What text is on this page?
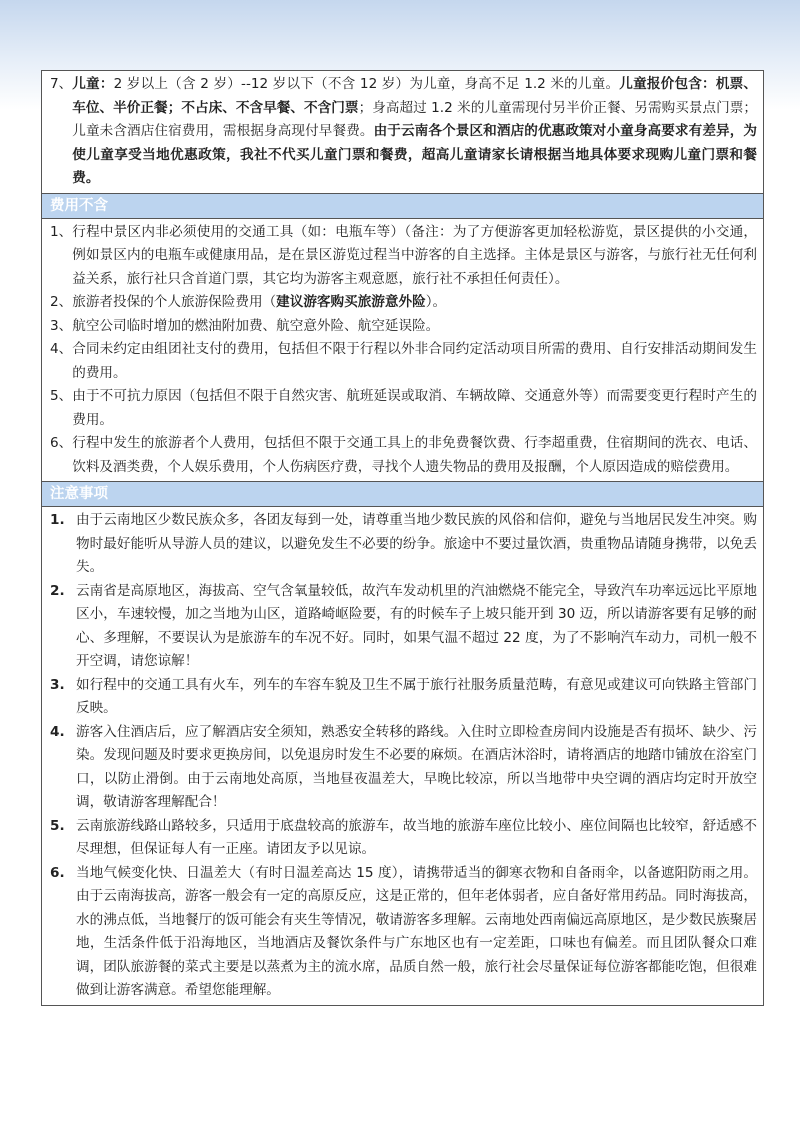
7、 儿童：2 岁以上（含 2 岁）--12 岁以下（不含 12 岁）为儿童，身高不足 1.2 米的儿童。儿童报价包含：机票、车位、半价正餐；不占床、不含早餐、不含门票；身高超过 1.2 米的儿童需现付另半价正餐、另需购买景点门票；儿童未含酒店住宿费用，需根据身高现付早餐费。由于云南各个景区和酒店的优惠政策对小童身高要求有差异，为使儿童享受当地优惠政策，我社不代买儿童门票和餐费，超高儿童请家长请根据当地具体要求现购儿童门票和餐费。
费用不含
1、 行程中景区内非必须使用的交通工具（如：电瓶车等）（备注：为了方便游客更加轻松游览，景区提供的小交通，例如景区内的电瓶车或健康用品，是在景区游览过程当中游客的自主选择。主体是景区与游客，与旅行社无任何利益关系，旅行社只含首道门票，其它均为游客主观意愿，旅行社不承担任何责任）。
2、 旅游者投保的个人旅游保险费用（建议游客购买旅游意外险）。
3、 航空公司临时增加的燃油附加费、航空意外险、航空延误险。
4、 合同未约定由组团社支付的费用，包括但不限于行程以外非合同约定活动项目所需的费用、自行安排活动期间发生的费用。
5、 由于不可抗力原因（包括但不限于自然灾害、航班延误或取消、车辆故障、交通意外等）而需要变更行程时产生的费用。
6、 行程中发生的旅游者个人费用，包括但不限于交通工具上的非免费餐饮费、行李超重费，住宿期间的洗衣、电话、饮料及酒类费，个人娱乐费用，个人伤病医疗费，寻找个人遗失物品的费用及报酬，个人原因造成的赔偿费用。
注意事项
1. 由于云南地区少数民族众多，各团友每到一处，请尊重当地少数民族的风俗和信仰，避免与当地居民发生冲突。购物时最好能听从导游人员的建议，以避免发生不必要的纷争。旅途中不要过量饮酒，贵重物品请随身携带，以免丢失。
2. 云南省是高原地区，海拔高、空气含氧量较低，故汽车发动机里的汽油燃烧不能完全，导致汽车功率远远比平原地区小，车速较慢，加之当地为山区，道路崎岖险要，有的时候车子上坡只能开到 30 迈，所以请游客要有足够的耐心、多理解，不要误认为是旅游车的车况不好。同时，如果气温不超过 22 度，为了不影响汽车动力，司机一般不开空调，请您谅解！
3. 如行程中的交通工具有火车，列车的车容车貌及卫生不属于旅行社服务质量范畴，有意见或建议可向铁路主管部门反映。
4. 游客入住酒店后，应了解酒店安全须知，熟悉安全转移的路线。入住时立即检查房间内设施是否有损坏、缺少、污染。发现问题及时要求更换房间，以免退房时发生不必要的麻烦。在酒店沐浴时，请将酒店的地踏巾铺放在浴室门口，以防止滑倒。由于云南地处高原，当地昼夜温差大，早晚比较凉，所以当地带中央空调的酒店均定时开放空调，敬请游客理解配合！
5. 云南旅游线路山路较多，只适用于底盘较高的旅游车，故当地的旅游车座位比较小、座位间隔也比较窄，舒适感不尽理想，但保证每人有一正座。请团友予以见谅。
6. 当地气候变化快、日温差大（有时日温差高达 15 度），请携带适当的御寒衣物和自备雨伞，以备遮阳防雨之用。由于云南海拔高，游客一般会有一定的高原反应，这是正常的，但年老体弱者，应自备好常用药品。同时海拔高，水的沸点低，当地餐厅的饭可能会有夹生等情况，敬请游客多理解。云南地处西南偏远高原地区，是少数民族聚居地，生活条件低于沿海地区，当地酒店及餐饮条件与广东地区也有一定差距，口味也有偏差。而且团队餐众口难调，团队旅游餐的菜式主要是以蒸煮为主的流水席，品质自然一般，旅行社会尽量保证每位游客都能吃饱，但很难做到让游客满意。希望您能理解。
